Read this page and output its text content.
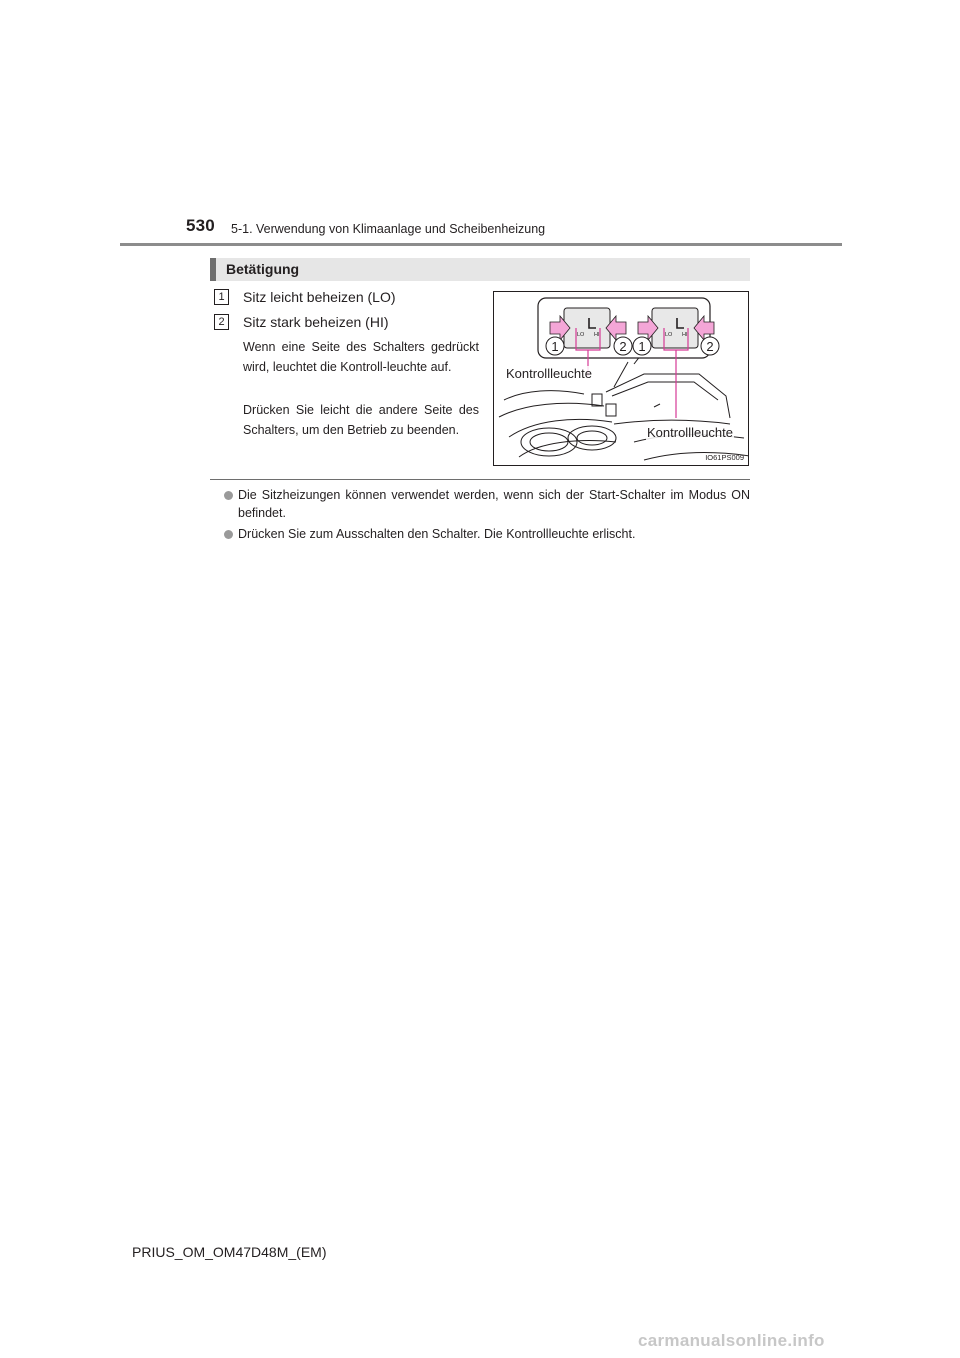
530 5-1. Verwendung von Klimaanlage und Scheibenheizung
Betätigung
1	Sitz leicht beheizen (LO)
2	Sitz stark beheizen (HI)
Wenn eine Seite des Schalters gedrückt wird, leuchtet die Kontroll-leuchte auf.
Drücken Sie leicht die andere Seite des Schalters, um den Betrieb zu beenden.
LO HI	LO HI
1	2 1	2
Kontrollleuchte
Kontrollleuchte
IO61PS009
Die Sitzheizungen können verwendet werden, wenn sich der Start-Schalter im Modus ON befindet.
Drücken Sie zum Ausschalten den Schalter. Die Kontrollleuchte erlischt.
PRIUS_OM_OM47D48M_(EM)
carmanualsonline.info
